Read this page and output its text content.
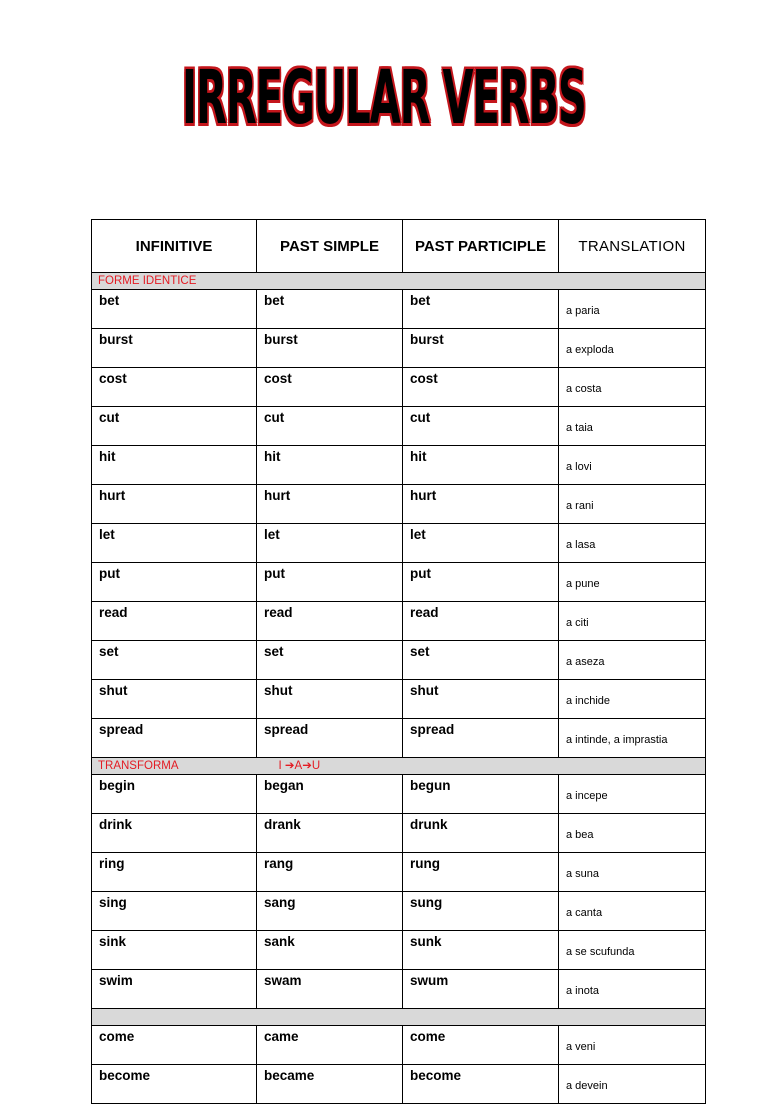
IRREGULAR VERBS
INFINITIVE	PAST SIMPLE	PAST PARTICIPLE	TRANSLATION
FORME IDENTICE			
bet	bet	bet	a paria
burst	burst	burst	a exploda
cost	cost	cost	a costa
cut	cut	cut	a taia
hit	hit	hit	a lovi
hurt	hurt	hurt	a rani
let	let	let	a lasa
put	put	put	a pune
read	read	read	a citi
set	set	set	a aseza
shut	shut	shut	a inchide
spread	spread	spread	a intinde, a imprastia
TRANSFORMA I ➔A➔U			
begin	began	begun	a incepe
drink	drank	drunk	a bea
ring	rang	rung	a suna
sing	sang	sung	a canta
sink	sank	sunk	a se scufunda
swim	swam	swum	a inota

come	came	come	a veni
become	became	become	a devein
